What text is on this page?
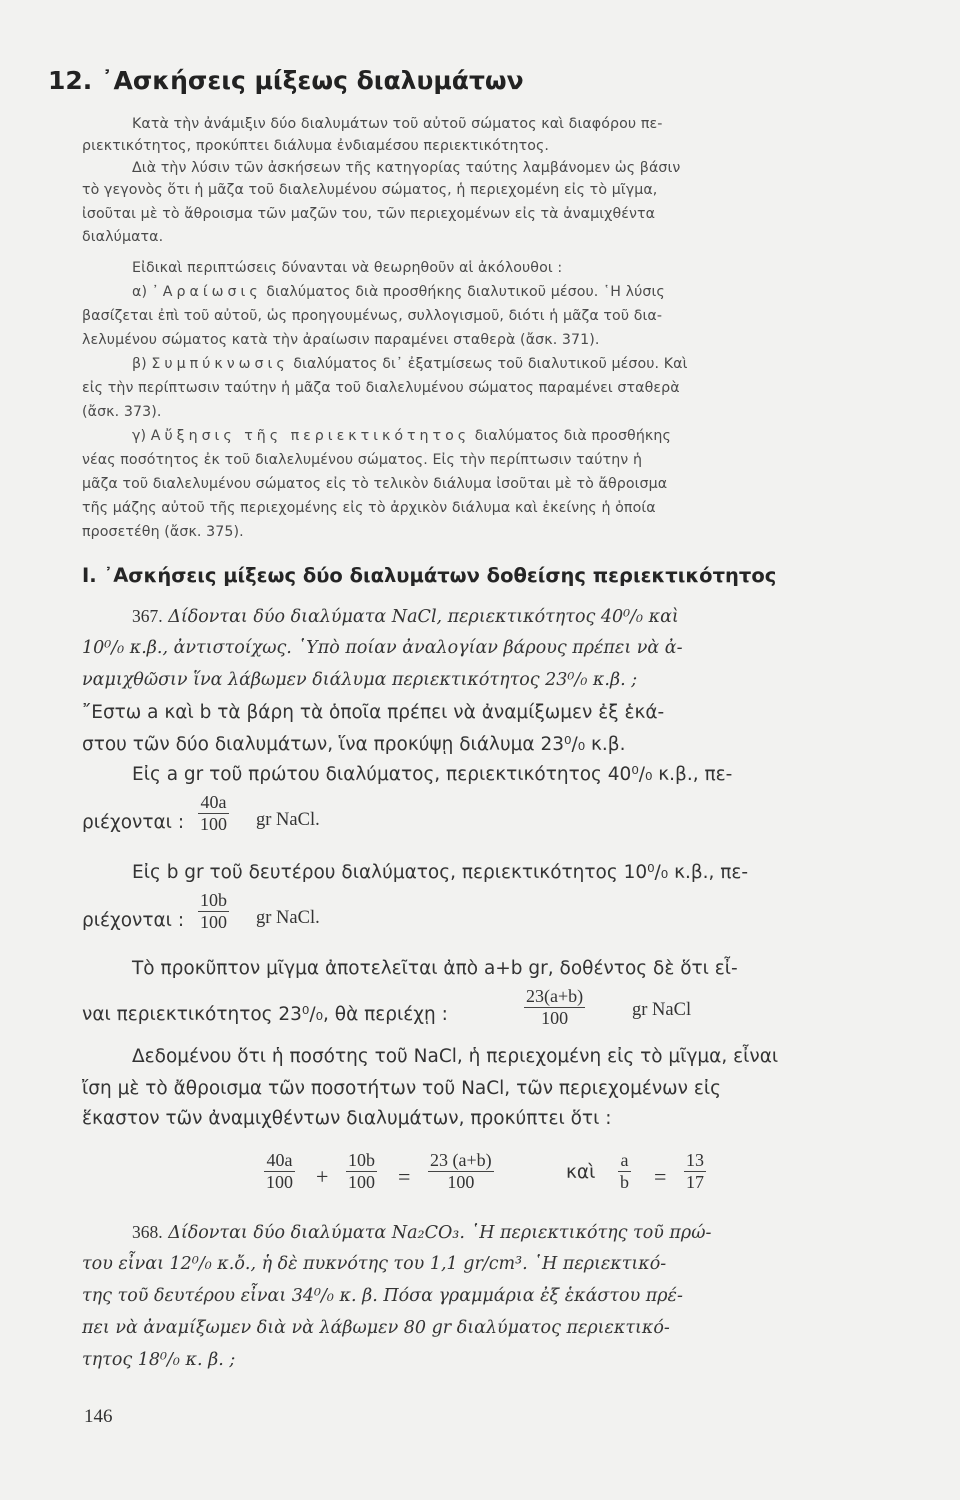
12. ᾽Ασκήσεις μίξεως διαλυμάτων
Κατὰ τὴν ἀνάμιξιν δύο διαλυμάτων τοῦ αὐτοῦ σώματος καὶ διαφόρου πε-
ριεκτικότητος, προκύπτει διάλυμα ἐνδιαμέσου περιεκτικότητος.
Διὰ τὴν λύσιν τῶν ἀσκήσεων τῆς κατηγορίας ταύτης λαμβάνομεν ὡς βάσιν
τὸ γεγονὸς ὅτι ἡ μᾶζα τοῦ διαλελυμένου σώματος, ἡ περιεχομένη εἰς τὸ μῖγμα,
ἰσοῦται μὲ τὸ ἄθροισμα τῶν μαζῶν του, τῶν περιεχομένων εἰς τὰ ἀναμιχθέντα
διαλύματα.
Εἰδικαὶ περιπτώσεις δύνανται νὰ θεωρηθοῦν αἱ ἀκόλουθοι :
α) ᾽Αραίωσις διαλύματος διὰ προσθήκης διαλυτικοῦ μέσου. ῾Η λύσις
βασίζεται ἐπὶ τοῦ αὐτοῦ, ὡς προηγουμένως, συλλογισμοῦ, διότι ἡ μᾶζα τοῦ δια-
λελυμένου σώματος κατὰ τὴν ἀραίωσιν παραμένει σταθερὰ (ἄσκ. 371).
β) Συμπύκνωσις διαλύματος δι᾽ ἐξατμίσεως τοῦ διαλυτικοῦ μέσου. Καὶ
εἰς τὴν περίπτωσιν ταύτην ἡ μᾶζα τοῦ διαλελυμένου σώματος παραμένει σταθερὰ
(ἄσκ. 373).
γ) Αὔξησις τῆς περιεκτικότητος διαλύματος διὰ προσθήκης
νέας ποσότητος ἐκ τοῦ διαλελυμένου σώματος. Εἰς τὴν περίπτωσιν ταύτην ἡ
μᾶζα τοῦ διαλελυμένου σώματος εἰς τὸ τελικὸν διάλυμα ἰσοῦται μὲ τὸ ἄθροισμα
τῆς μάζης αὐτοῦ τῆς περιεχομένης εἰς τὸ ἀρχικὸν διάλυμα καὶ ἐκείνης ἡ ὁποία
προσετέθη (ἄσκ. 375).
I. ᾽Ασκήσεις μίξεως δύο διαλυμάτων δοθείσης περιεκτικότητος
367. Δίδονται δύο διαλύματα NaCl, περιεκτικότητος 40⁰/₀ καὶ
10⁰/₀ κ.β., ἀντιστοίχως. ῾Υπὸ ποίαν ἀναλογίαν βάρους πρέπει νὰ ἀ-
ναμιχθῶσιν ἵνα λάβωμεν διάλυμα περιεκτικότητος 23⁰/₀ κ.β. ;
῎Εστω a καὶ b τὰ βάρη τὰ ὁποῖα πρέπει νὰ ἀναμίξωμεν ἐξ ἑκά-
στου τῶν δύο διαλυμάτων, ἵνα προκύψῃ διάλυμα 23⁰/₀ κ.β.
Εἰς a gr τοῦ πρώτου διαλύματος, περιεκτικότητος 40⁰/₀ κ.β., πε-
ριέχονται :
40a
100 gr NaCl.
Εἰς b gr τοῦ δευτέρου διαλύματος, περιεκτικότητος 10⁰/₀ κ.β., πε-
ριέχονται :
10b
100 gr NaCl.
Τὸ προκῦπτον μῖγμα ἀποτελεῖται ἀπὸ a+b gr, δοθέντος δὲ ὅτι εἶ-
ναι περιεκτικότητος 23⁰/₀, θὰ περιέχῃ :
23(a+b)
100	gr NaCl
Δεδομένου ὅτι ἡ ποσότης τοῦ NaCl, ἡ περιεχομένη εἰς τὸ μῖγμα, εἶναι
ἴση μὲ τὸ ἄθροισμα τῶν ποσοτήτων τοῦ NaCl, τῶν περιεχομένων εἰς
ἕκαστον τῶν ἀναμιχθέντων διαλυμάτων, προκύπτει ὅτι :
40a
100 +
10b
100 =
23 (a+b)
100	καὶ
a
b =
13
17
368. Δίδονται δύο διαλύματα Na₂CO₃. ῾Η περιεκτικότης τοῦ πρώ-
του εἶναι 12⁰/₀ κ.ὄ., ἡ δὲ πυκνότης του 1,1 gr/cm³. ῾Η περιεκτικό-
της τοῦ δευτέρου εἶναι 34⁰/₀ κ. β. Πόσα γραμμάρια ἐξ ἑκάστου πρέ-
πει νὰ ἀναμίξωμεν διὰ νὰ λάβωμεν 80 gr διαλύματος περιεκτικό-
τητος 18⁰/₀ κ. β. ;
146
